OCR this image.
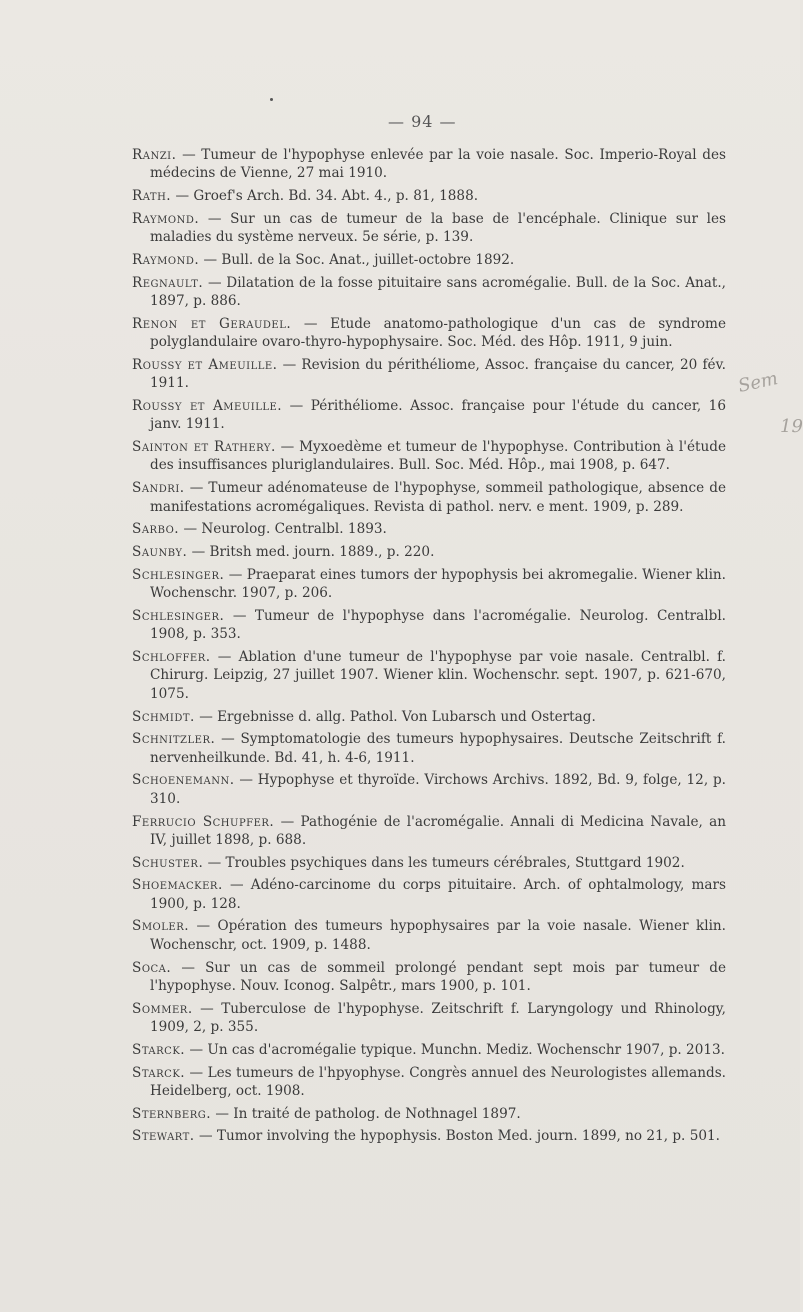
— 94 —

Ranzi. — Tumeur de l'hypophyse enlevée par la voie nasale. Soc. Imperio-Royal des médecins de Vienne, 27 mai 1910.

Rath. — Groef's Arch. Bd. 34. Abt. 4., p. 81, 1888.

Raymond. — Sur un cas de tumeur de la base de l'encéphale. Clinique sur les maladies du système nerveux. 5e série, p. 139.

Raymond. — Bull. de la Soc. Anat., juillet-octobre 1892.

Regnault. — Dilatation de la fosse pituitaire sans acromégalie. Bull. de la Soc. Anat., 1897, p. 886.

Renon et Geraudel. — Etude anatomo-pathologique d'un cas de syndrome polyglandulaire ovaro-thyro-hypophysaire. Soc. Méd. des Hôp. 1911, 9 juin.

Roussy et Ameuille. — Revision du périthéliome, Assoc. française du cancer, 20 fév. 1911.

Roussy et Ameuille. — Périthéliome. Assoc. française pour l'étude du cancer, 16 janv. 1911.

Sainton et Rathery. — Myxoedème et tumeur de l'hypophyse. Contribution à l'étude des insuffisances pluriglandulaires. Bull. Soc. Méd. Hôp., mai 1908, p. 647.

Sandri. — Tumeur adénomateuse de l'hypophyse, sommeil pathologique, absence de manifestations acromégaliques. Revista di pathol. nerv. e ment. 1909, p. 289.

Sarbo. — Neurolog. Centralbl. 1893.

Saunby. — Britsh med. journ. 1889., p. 220.

Schlesinger. — Praeparat eines tumors der hypophysis bei akromegalie. Wiener klin. Wochenschr. 1907, p. 206.

Schlesinger. — Tumeur de l'hypophyse dans l'acromégalie. Neurolog. Centralbl. 1908, p. 353.

Schloffer. — Ablation d'une tumeur de l'hypophyse par voie nasale. Centralbl. f. Chirurg. Leipzig, 27 juillet 1907. Wiener klin. Wochenschr. sept. 1907, p. 621-670, 1075.

Schmidt. — Ergebnisse d. allg. Pathol. Von Lubarsch und Ostertag.

Schnitzler. — Symptomatologie des tumeurs hypophysaires. Deutsche Zeitschrift f. nervenheilkunde. Bd. 41, h. 4-6, 1911.

Schoenemann. — Hypophyse et thyroïde. Virchows Archivs. 1892, Bd. 9, folge, 12, p. 310.

Ferrucio Schupfer. — Pathogénie de l'acromégalie. Annali di Medicina Navale, an IV, juillet 1898, p. 688.

Schuster. — Troubles psychiques dans les tumeurs cérébrales, Stuttgard 1902.

Shoemacker. — Adéno-carcinome du corps pituitaire. Arch. of ophtalmology, mars 1900, p. 128.

Smoler. — Opération des tumeurs hypophysaires par la voie nasale. Wiener klin. Wochenschr, oct. 1909, p. 1488.

Soca. — Sur un cas de sommeil prolongé pendant sept mois par tumeur de l'hypophyse. Nouv. Iconog. Salpêtr., mars 1900, p. 101.

Sommer. — Tuberculose de l'hypophyse. Zeitschrift f. Laryngology und Rhinology, 1909, 2, p. 355.

Starck. — Un cas d'acromégalie typique. Munchn. Mediz. Wochenschr 1907, p. 2013.

Starck. — Les tumeurs de l'hpyophyse. Congrès annuel des Neurologistes allemands. Heidelberg, oct. 1908.

Sternberg. — In traité de patholog. de Nothnagel 1897.

Stewart. — Tumor involving the hypophysis. Boston Med. journ. 1899, no 21, p. 501.

Sem
19
